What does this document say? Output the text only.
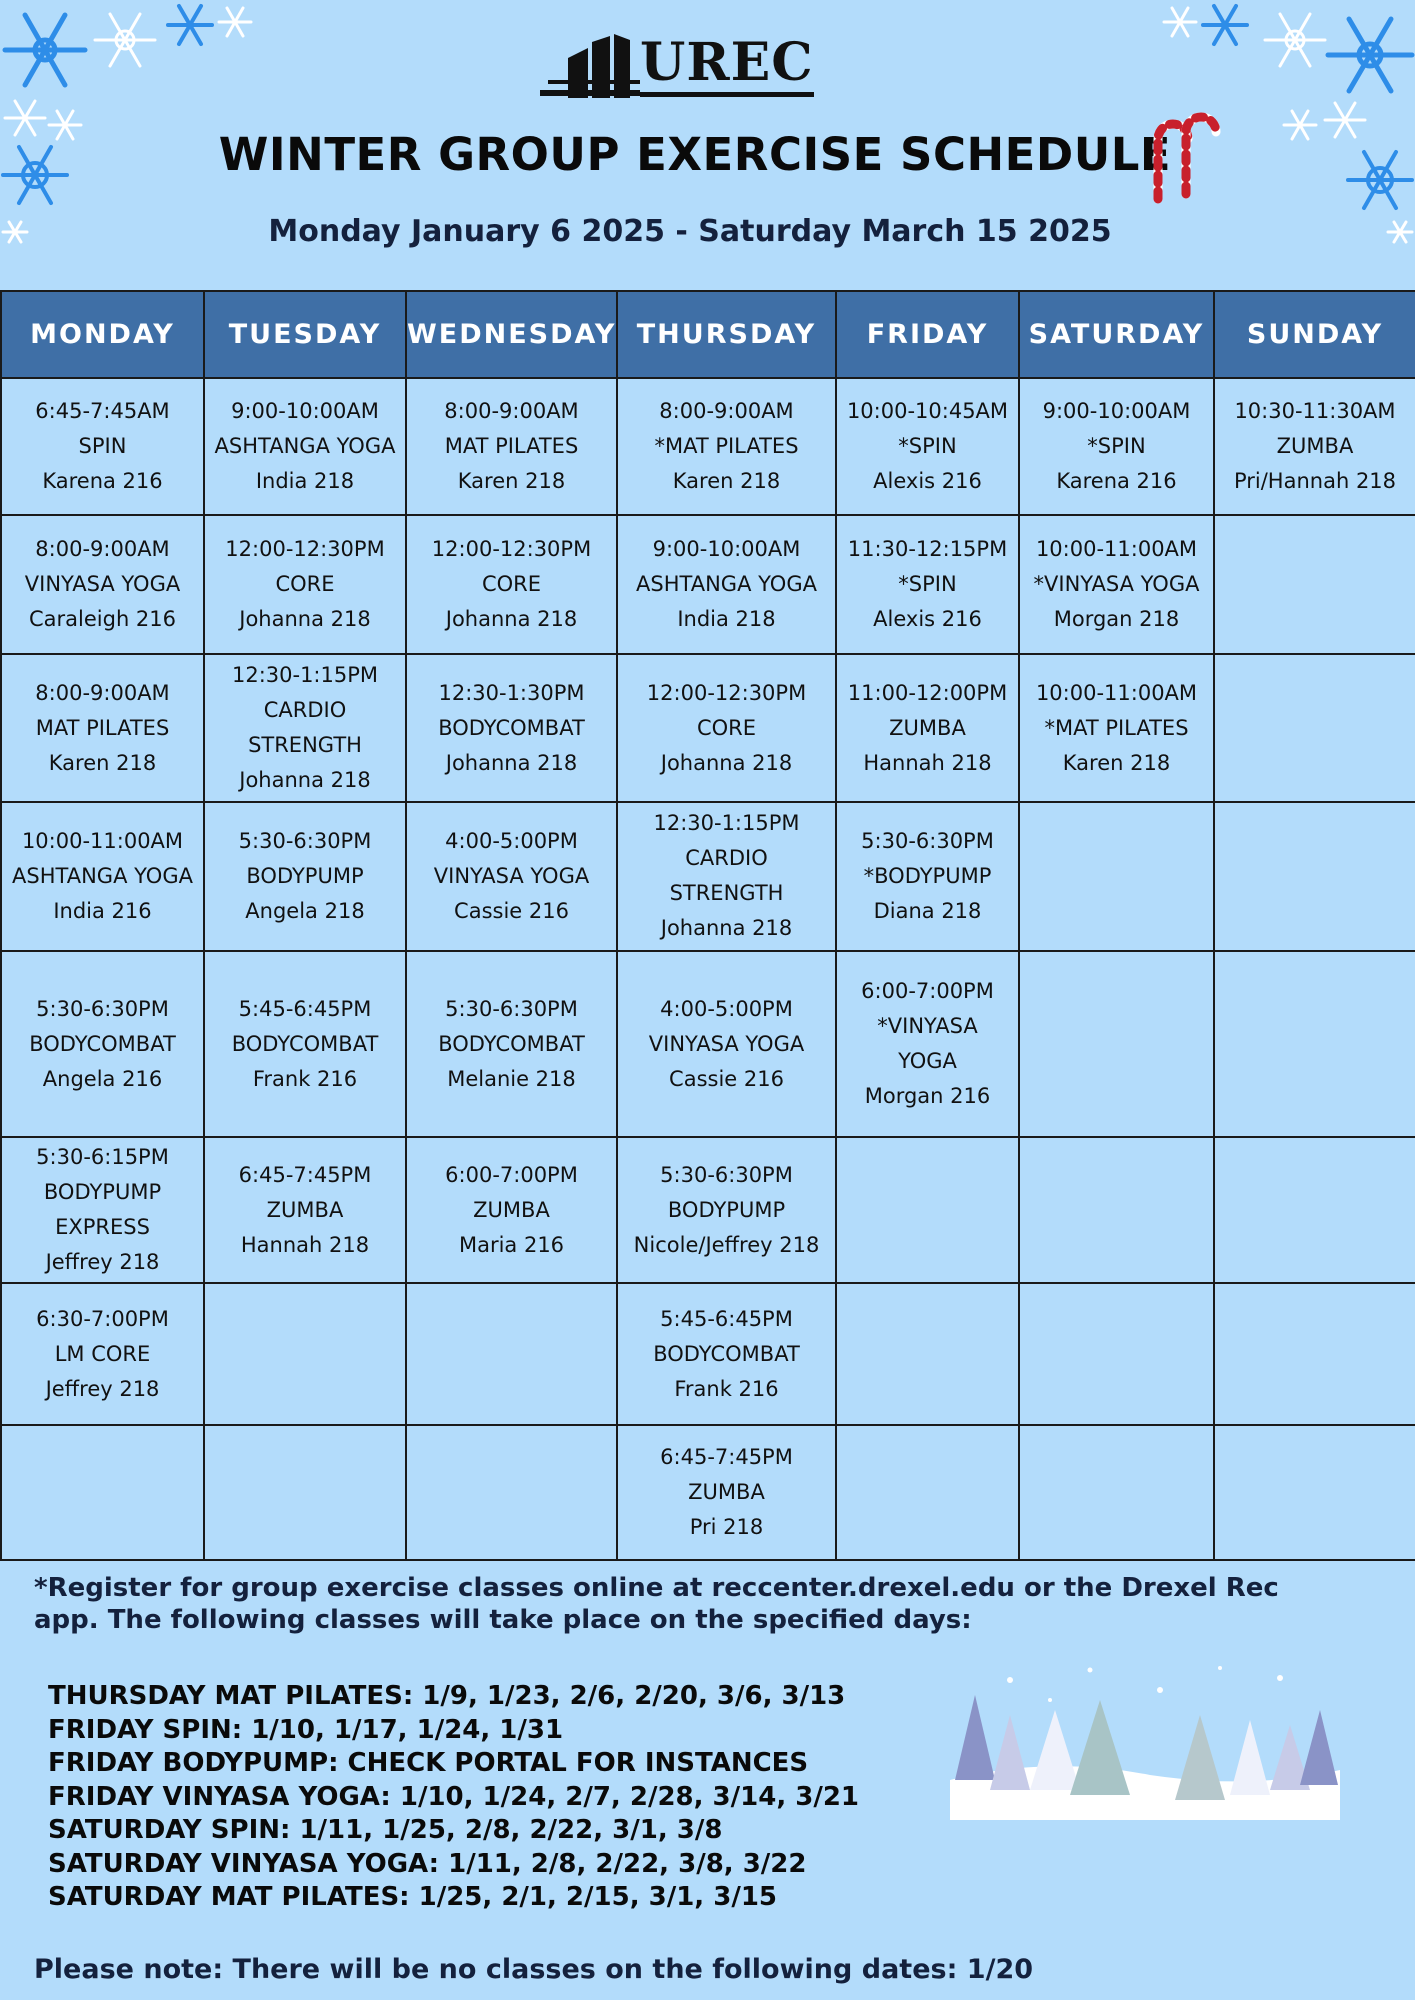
UREC
WINTER GROUP EXERCISE SCHEDULE
Monday January 6 2025 - Saturday March 15 2025
MONDAY	TUESDAY	WEDNESDAY	THURSDAY	FRIDAY	SATURDAY	SUNDAY

6:45-7:45AM
SPIN
Karena 216	9:00-10:00AM
ASHTANGA YOGA
India 218	8:00-9:00AM
MAT PILATES
Karen 218	8:00-9:00AM
*MAT PILATES
Karen 218	10:00-10:45AM
*SPIN
Alexis 216	9:00-10:00AM
*SPIN
Karena 216	10:30-11:30AM
ZUMBA
Pri/Hannah 218

8:00-9:00AM
VINYASA YOGA
Caraleigh 216	12:00-12:30PM
CORE
Johanna 218	12:00-12:30PM
CORE
Johanna 218	9:00-10:00AM
ASHTANGA YOGA
India 218	11:30-12:15PM
*SPIN
Alexis 216	10:00-11:00AM
*VINYASA YOGA
Morgan 218	

8:00-9:00AM
MAT PILATES
Karen 218	12:30-1:15PM
CARDIO
STRENGTH
Johanna 218	12:30-1:30PM
BODYCOMBAT
Johanna 218	12:00-12:30PM
CORE
Johanna 218	11:00-12:00PM
ZUMBA
Hannah 218	10:00-11:00AM
*MAT PILATES
Karen 218	

10:00-11:00AM
ASHTANGA YOGA
India 216	5:30-6:30PM
BODYPUMP
Angela 218	4:00-5:00PM
VINYASA YOGA
Cassie 216	12:30-1:15PM
CARDIO
STRENGTH
Johanna 218	5:30-6:30PM
*BODYPUMP
Diana 218		

5:30-6:30PM
BODYCOMBAT
Angela 216	5:45-6:45PM
BODYCOMBAT
Frank 216	5:30-6:30PM
BODYCOMBAT
Melanie 218	4:00-5:00PM
VINYASA YOGA
Cassie 216	6:00-7:00PM
*VINYASA
YOGA
Morgan 216		

5:30-6:15PM
BODYPUMP
EXPRESS
Jeffrey 218	6:45-7:45PM
ZUMBA
Hannah 218	6:00-7:00PM
ZUMBA
Maria 216	5:30-6:30PM
BODYPUMP
Nicole/Jeffrey 218			

6:30-7:00PM
LM CORE
Jeffrey 218			5:45-6:45PM
BODYCOMBAT
Frank 216			

			6:45-7:45PM
ZUMBA
Pri 218			

*Register for group exercise classes online at reccenter.drexel.edu or the Drexel Rec app. The following classes will take place on the specified days:
THURSDAY MAT PILATES: 1/9, 1/23, 2/6, 2/20, 3/6, 3/13
FRIDAY SPIN: 1/10, 1/17, 1/24, 1/31
FRIDAY BODYPUMP: CHECK PORTAL FOR INSTANCES
FRIDAY VINYASA YOGA: 1/10, 1/24, 2/7, 2/28, 3/14, 3/21
SATURDAY SPIN: 1/11, 1/25, 2/8, 2/22, 3/1, 3/8
SATURDAY VINYASA YOGA: 1/11, 2/8, 2/22, 3/8, 3/22
SATURDAY MAT PILATES: 1/25, 2/1, 2/15, 3/1, 3/15
Please note: There will be no classes on the following dates: 1/20
